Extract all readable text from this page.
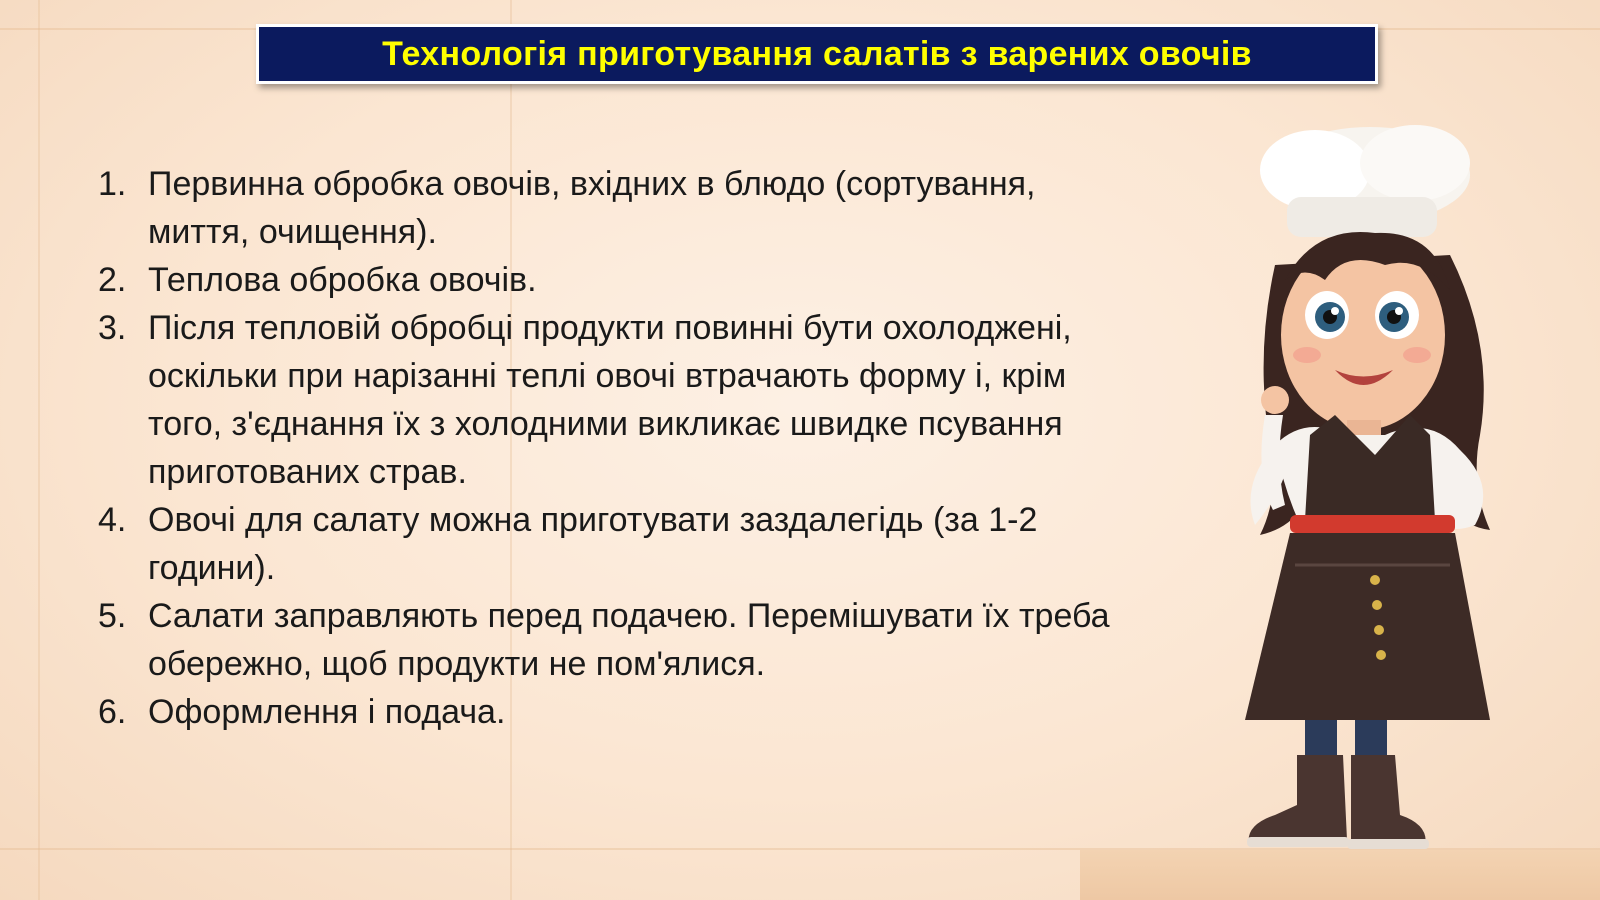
Технологія приготування салатів з варених овочів
1. Первинна обробка овочів, вхідних в блюдо (сортування, миття, очищення).
2. Теплова обробка овочів.
3. Після тепловій обробці продукти повинні бути охолоджені, оскільки при нарізанні теплі овочі втрачають форму і, крім того, з'єднання їх з холодними викликає швидке псування приготованих страв.
4. Овочі для салату можна приготувати заздалегідь (за 1-2 години).
5. Салати заправляють перед подачею. Перемішувати їх треба обережно, щоб продукти не пом'ялися.
6. Оформлення і подача.
